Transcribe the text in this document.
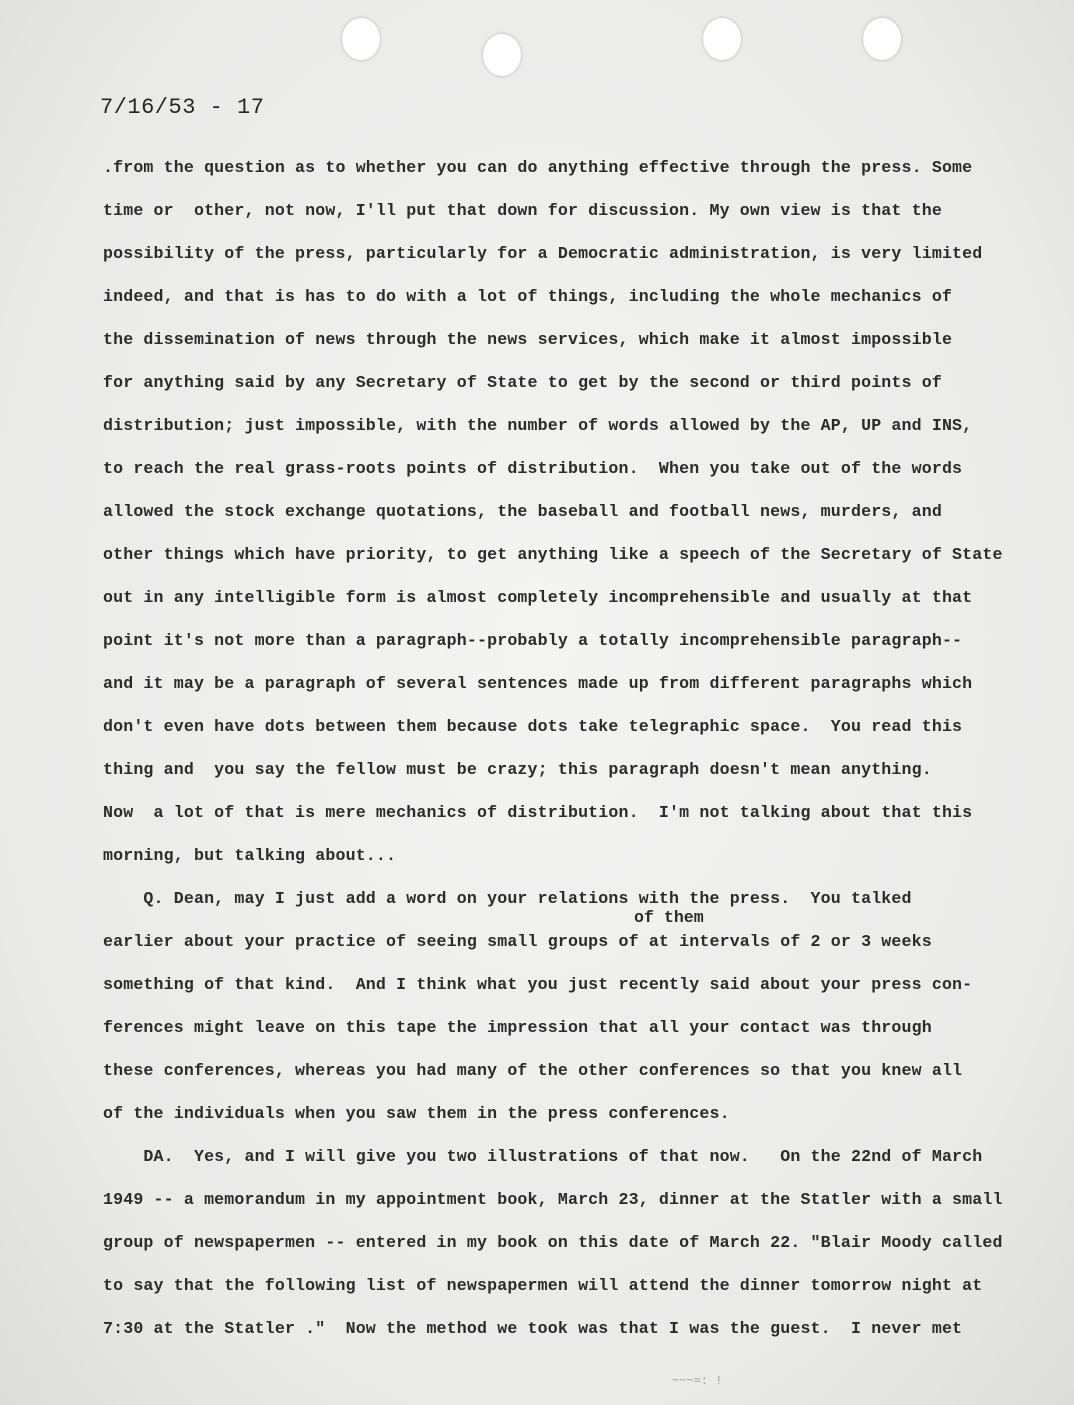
7/16/53 - 17
.from the question as to whether you can do anything effective through the press. Some
time or  other, not now, I'll put that down for discussion. My own view is that the
possibility of the press, particularly for a Democratic administration, is very limited
indeed, and that is has to do with a lot of things, including the whole mechanics of
the dissemination of news through the news services, which make it almost impossible
for anything said by any Secretary of State to get by the second or third points of
distribution; just impossible, with the number of words allowed by the AP, UP and INS,
to reach the real grass-roots points of distribution.  When you take out of the words
allowed the stock exchange quotations, the baseball and football news, murders, and
other things which have priority, to get anything like a speech of the Secretary of State
out in any intelligible form is almost completely incomprehensible and usually at that
point it's not more than a paragraph--probably a totally incomprehensible paragraph--
and it may be a paragraph of several sentences made up from different paragraphs which
don't even have dots between them because dots take telegraphic space.  You read this
thing and  you say the fellow must be crazy; this paragraph doesn't mean anything.
Now  a lot of that is mere mechanics of distribution.  I'm not talking about that this
morning, but talking about...
Q. Dean, may I just add a word on your relations with the press.  You talked
of them
earlier about your practice of seeing small groups of at intervals of 2 or 3 weeks
something of that kind.  And I think what you just recently said about your press con-
ferences might leave on this tape the impression that all your contact was through
these conferences, whereas you had many of the other conferences so that you knew all
of the individuals when you saw them in the press conferences.
DA.  Yes, and I will give you two illustrations of that now.   On the 22nd of March
1949 -- a memorandum in my appointment book, March 23, dinner at the Statler with a small
group of newspapermen -- entered in my book on this date of March 22. "Blair Moody called
to say that the following list of newspapermen will attend the dinner tomorrow night at
7:30 at the Statler ."  Now the method we took was that I was the guest.  I never met
~~~≈: !
